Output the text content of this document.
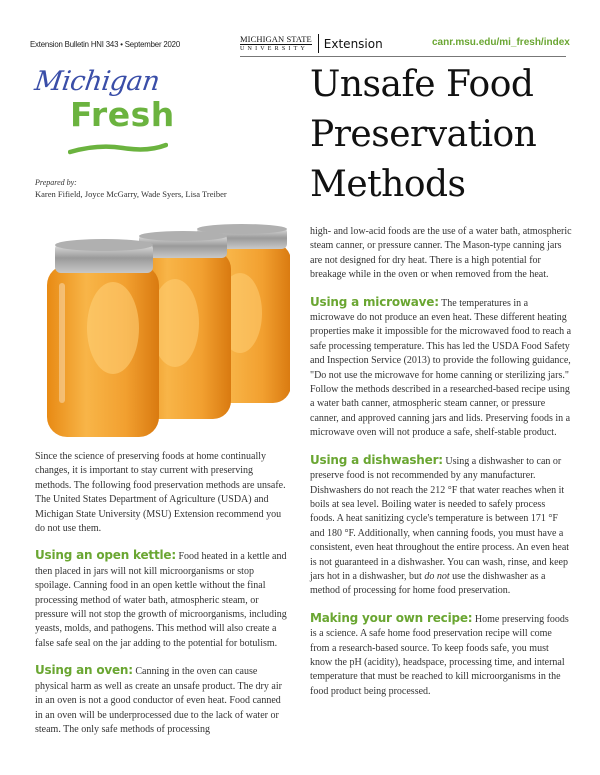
Extension Bulletin HNI 343 • September 2020
MICHIGAN STATE
UNIVERSITY	Extension	canr.msu.edu/mi_fresh/index
Michigan
Fresh
Prepared by:
Karen Fifield, Joyce McGarry, Wade Syers, Lisa Treiber
Unsafe Food
Preservation
Methods

Since the science of preserving foods at home continually changes, it is important to stay current with preserving methods. The following food preservation methods are unsafe. The United States Department of Agriculture (USDA) and Michigan State University (MSU) Extension recommend you do not use them.

Using an open kettle: Food heated in a kettle and then placed in jars will not kill microorganisms or stop spoilage. Canning food in an open kettle without the final processing method of water bath, atmospheric steam, or pressure will not stop the growth of microorganisms, including yeasts, molds, and pathogens. This method will also create a false safe seal on the jar adding to the potential for botulism.

Using an oven: Canning in the oven can cause physical harm as well as create an unsafe product. The dry air in an oven is not a good conductor of even heat. Food canned in an oven will be underprocessed due to the lack of water or steam. The only safe methods of processing

high- and low-acid foods are the use of a water bath, atmospheric steam canner, or pressure canner. The Mason-type canning jars are not designed for dry heat. There is a high potential for breakage while in the oven or when removed from the heat.

Using a microwave: The temperatures in a microwave do not produce an even heat. These different heating properties make it impossible for the microwaved food to reach a safe processing temperature. This has led the USDA Food Safety and Inspection Service (2013) to provide the following guidance, "Do not use the microwave for home canning or sterilizing jars." Follow the methods described in a researched-based recipe using a water bath canner, atmospheric steam canner, or pressure canner, and approved canning jars and lids. Preserving foods in a microwave oven will not produce a safe, shelf-stable product.

Using a dishwasher: Using a dishwasher to can or preserve food is not recommended by any manufacturer. Dishwashers do not reach the 212 °F that water reaches when it boils at sea level. Boiling water is needed to safely process foods. A heat sanitizing cycle's temperature is between 171 °F and 180 °F. Additionally, when canning foods, you must have a consistent, even heat throughout the entire process. An even heat is not guaranteed in a dishwasher. You can wash, rinse, and keep jars hot in a dishwasher, but do not use the dishwasher as a method of processing for home food preservation.

Making your own recipe: Home preserving foods is a science. A safe home food preservation recipe will come from a research-based source. To keep foods safe, you must know the pH (acidity), headspace, processing time, and internal temperature that must be reached to kill microorganisms in the food product being processed.
